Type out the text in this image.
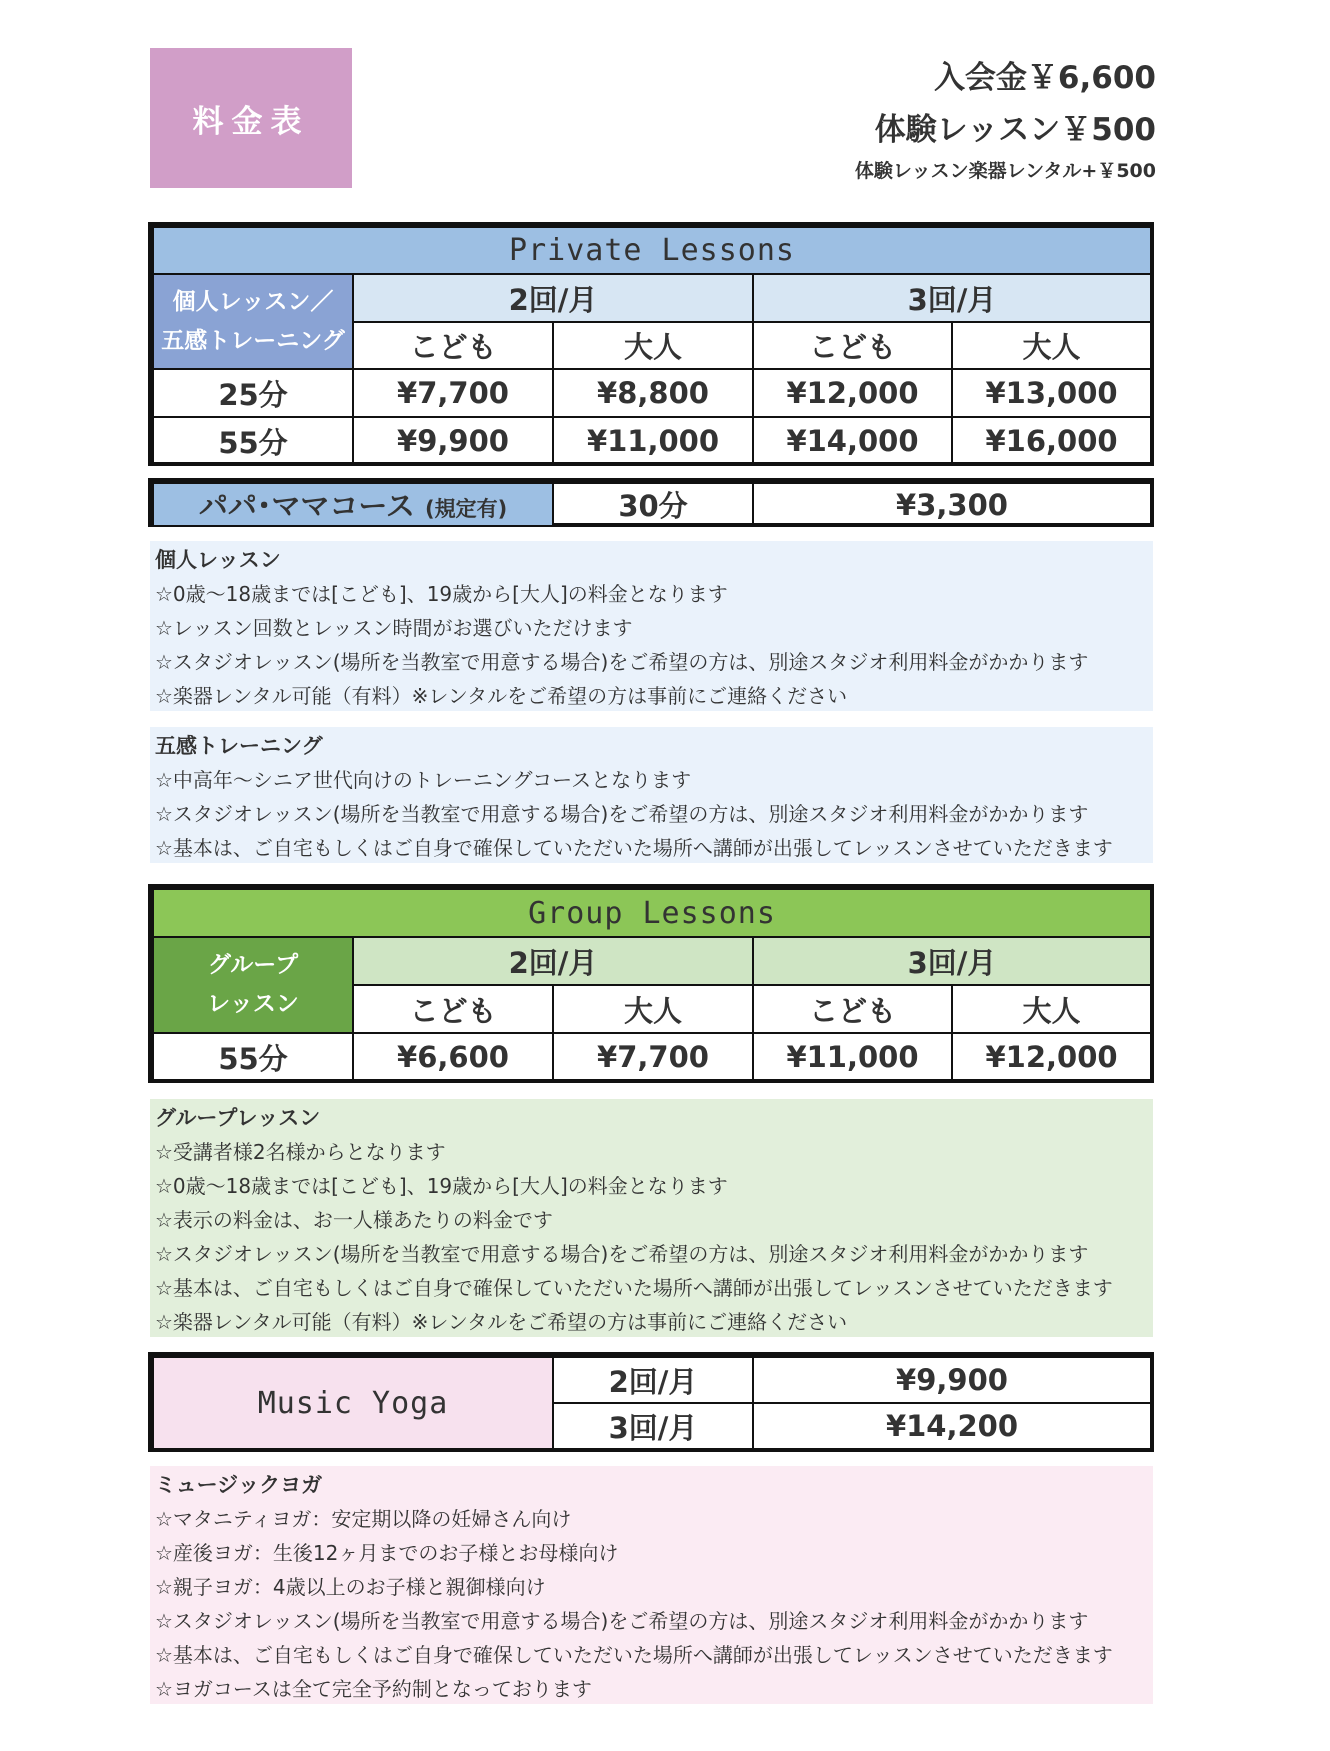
料金表
入会金￥6,600
体験レッスン￥500
体験レッスン楽器レンタル+￥500
Private Lessons				

個人レッスン／
五感トレーニング	2回/月		3回/月	
	こども	大人	こども	大人
25分	¥7,700	¥8,800	¥12,000	¥13,000
55分	¥9,900	¥11,000	¥14,000	¥16,000
パパ･ママコース (規定有)	30分	¥3,300
個人レッスン
☆0歳～18歳までは[こども]、19歳から[大人]の料金となります
☆レッスン回数とレッスン時間がお選びいただけます
☆スタジオレッスン(場所を当教室で用意する場合)をご希望の方は、別途スタジオ利用料金がかかります
☆楽器レンタル可能（有料）※レンタルをご希望の方は事前にご連絡ください
五感トレーニング
☆中高年～シニア世代向けのトレーニングコースとなります
☆スタジオレッスン(場所を当教室で用意する場合)をご希望の方は、別途スタジオ利用料金がかかります
☆基本は、ご自宅もしくはご自身で確保していただいた場所へ講師が出張してレッスンさせていただきます
Group Lessons				

グループ
レッスン	2回/月		3回/月	
	こども	大人	こども	大人
55分	¥6,600	¥7,700	¥11,000	¥12,000
グループレッスン
☆受講者様2名様からとなります
☆0歳～18歳までは[こども]、19歳から[大人]の料金となります
☆表示の料金は、お一人様あたりの料金です
☆スタジオレッスン(場所を当教室で用意する場合)をご希望の方は、別途スタジオ利用料金がかかります
☆基本は、ご自宅もしくはご自身で確保していただいた場所へ講師が出張してレッスンさせていただきます
☆楽器レンタル可能（有料）※レンタルをご希望の方は事前にご連絡ください
Music Yoga	2回/月	¥9,900
	3回/月	¥14,200
ミュージックヨガ
☆マタニティヨガ：安定期以降の妊婦さん向け
☆産後ヨガ：生後12ヶ月までのお子様とお母様向け
☆親子ヨガ：4歳以上のお子様と親御様向け
☆スタジオレッスン(場所を当教室で用意する場合)をご希望の方は、別途スタジオ利用料金がかかります
☆基本は、ご自宅もしくはご自身で確保していただいた場所へ講師が出張してレッスンさせていただきます
☆ヨガコースは全て完全予約制となっております
